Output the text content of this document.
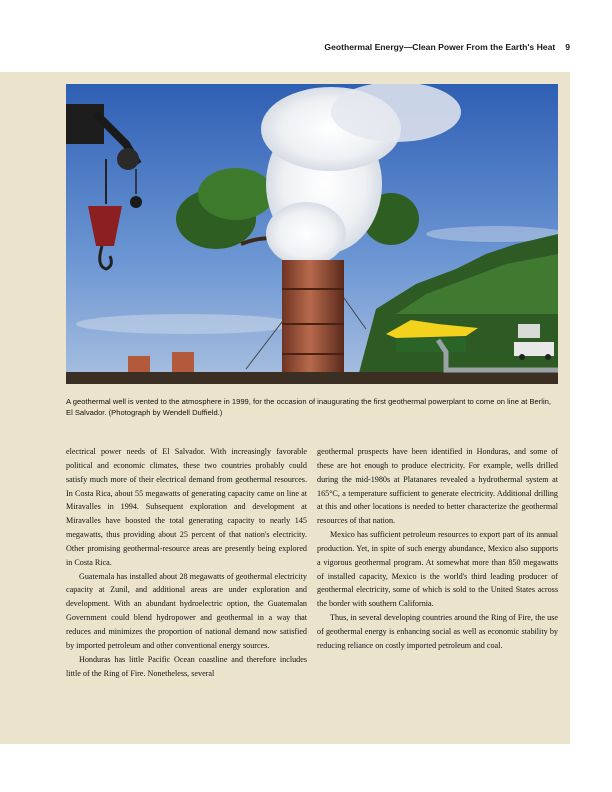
Geothermal Energy—Clean Power From the Earth's Heat 9

A geothermal well is vented to the atmosphere in 1999, for the occasion of inaugurating the first geothermal powerplant to come on line at Berlin, El Salvador. (Photograph by Wendell Duffield.)

electrical power needs of El Salvador. With increasingly favorable political and economic climates, these two countries probably could satisfy much more of their electrical demand from geothermal resources. In Costa Rica, about 55 megawatts of generating capacity came on line at Miravalles in 1994. Subsequent exploration and development at Miravalles have boosted the total generating capacity to nearly 145 megawatts, thus providing about 25 percent of that nation's electricity. Other promising geothermal-resource areas are presently being explored in Costa Rica.

Guatemala has installed about 28 megawatts of geothermal electricity capacity at Zunil, and additional areas are under exploration and development. With an abundant hydroelectric option, the Guatemalan Government could blend hydropower and geothermal in a way that reduces and minimizes the proportion of national demand now satisfied by imported petroleum and other conventional energy sources.

Honduras has little Pacific Ocean coastline and therefore includes little of the Ring of Fire. Nonetheless, several

geothermal prospects have been identified in Honduras, and some of these are hot enough to produce electricity. For example, wells drilled during the mid-1980s at Platanares revealed a hydrothermal system at 165°C, a temperature sufficient to generate electricity. Additional drilling at this and other locations is needed to better characterize the geothermal resources of that nation.

Mexico has sufficient petroleum resources to export part of its annual production. Yet, in spite of such energy abundance, Mexico also supports a vigorous geothermal program. At somewhat more than 850 megawatts of installed capacity, Mexico is the world's third leading producer of geothermal electricity, some of which is sold to the United States across the border with southern California.

Thus, in several developing countries around the Ring of Fire, the use of geothermal energy is enhancing social as well as economic stability by reducing reliance on costly imported petroleum and coal.
